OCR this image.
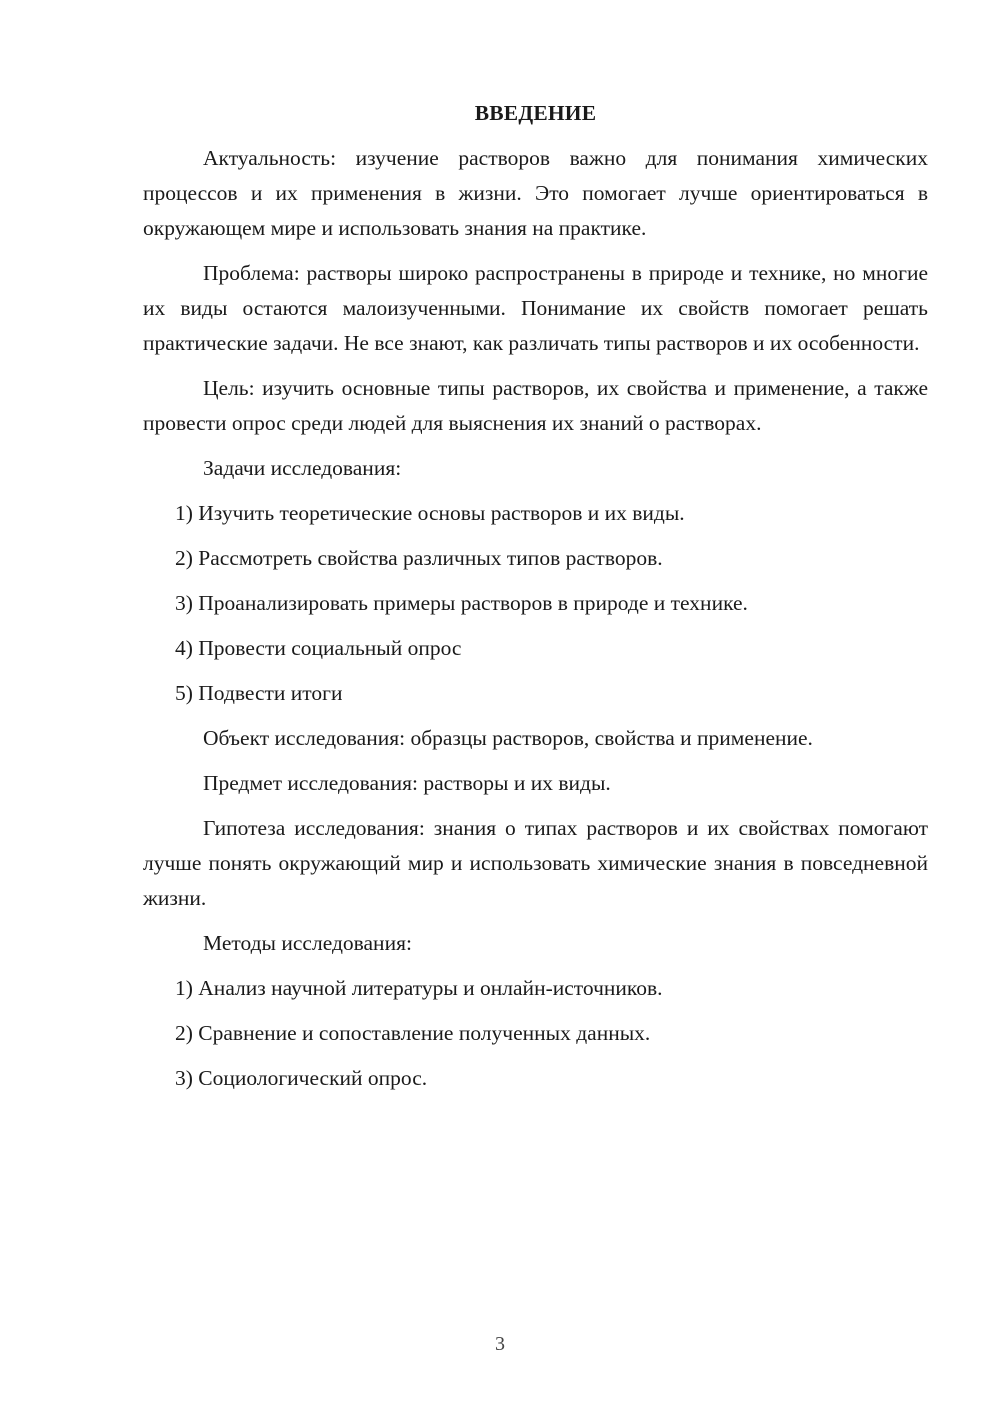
ВВЕДЕНИЕ

Актуальность: изучение растворов важно для понимания химических процессов и их применения в жизни. Это помогает лучше ориентироваться в окружающем мире и использовать знания на практике.

Проблема: растворы широко распространены в природе и технике, но многие их виды остаются малоизученными. Понимание их свойств помогает решать практические задачи. Не все знают, как различать типы растворов и их особенности.

Цель: изучить основные типы растворов, их свойства и применение, а также провести опрос среди людей для выяснения их знаний о растворах.

Задачи исследования:

1) Изучить теоретические основы растворов и их виды.

2) Рассмотреть свойства различных типов растворов.

3) Проанализировать примеры растворов в природе и технике.

4) Провести социальный опрос

5) Подвести итоги

Объект исследования: образцы растворов, свойства и применение.

Предмет исследования: растворы и их виды.

Гипотеза исследования: знания о типах растворов и их свойствах помогают лучше понять окружающий мир и использовать химические знания в повседневной жизни.

Методы исследования:

1) Анализ научной литературы и онлайн-источников.

2) Сравнение и сопоставление полученных данных.

3) Социологический опрос.

3
